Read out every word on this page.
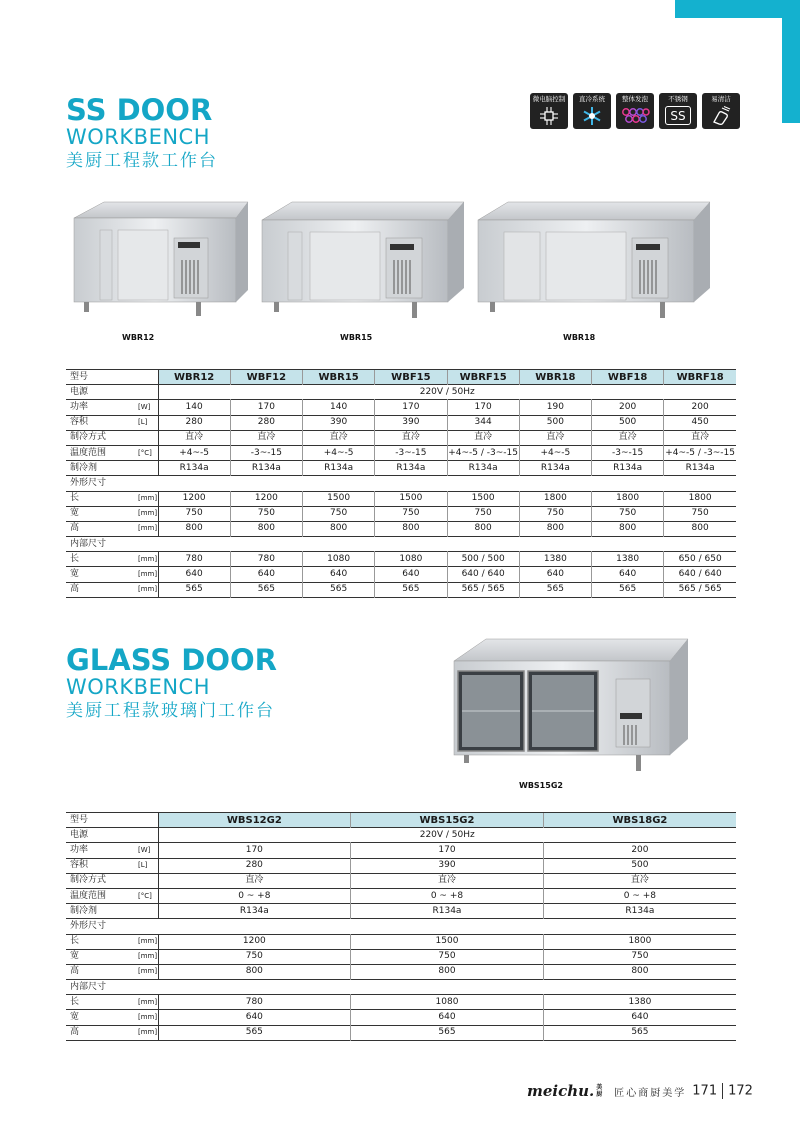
SS DOOR
WORKBENCH
美厨工程款工作台
微电脑控制 直冷系统	整体发泡	不锈钢
SS
易清洁
WBR12	WBR15	WBR18
型号		WBR12	WBF12	WBR15	WBF15	WBRF15	WBR18	WBF18	WBRF18
电源		220V / 50Hz							
功率	[W]	140	170	140	170	170	190	200	200
容积	[L]	280	280	390	390	344	500	500	450
制冷方式		直冷	直冷	直冷	直冷	直冷	直冷	直冷	直冷
温度范围	[°C]	+4~-5	-3~-15	+4~-5	-3~-15	+4~-5 / -3~-15	+4~-5	-3~-15	+4~-5 / -3~-15
制冷剂		R134a	R134a	R134a	R134a	R134a	R134a	R134a	R134a
外形尺寸									
长	[mm]	1200	1200	1500	1500	1500	1800	1800	1800
宽	[mm]	750	750	750	750	750	750	750	750
高	[mm]	800	800	800	800	800	800	800	800
内部尺寸									
长	[mm]	780	780	1080	1080	500 / 500	1380	1380	650 / 650
宽	[mm]	640	640	640	640	640 / 640	640	640	640 / 640
高	[mm]	565	565	565	565	565 / 565	565	565	565 / 565
GLASS DOOR
WORKBENCH
美厨工程款玻璃门工作台
WBS15G2
型号		WBS12G2	WBS15G2	WBS18G2
电源		220V / 50Hz		
功率	[W]	170	170	200
容积	[L]	280	390	500
制冷方式		直冷	直冷	直冷
温度范围	[°C]	0 ~ +8	0 ~ +8	0 ~ +8
制冷剂		R134a	R134a	R134a
外形尺寸				
长	[mm]	1200	1500	1800
宽	[mm]	750	750	750
高	[mm]	800	800	800
内部尺寸				
长	[mm]	780	1080	1380
宽	[mm]	640	640	640
高	[mm]	565	565	565
meichu. 美厨	匠心商厨美学 171 172
